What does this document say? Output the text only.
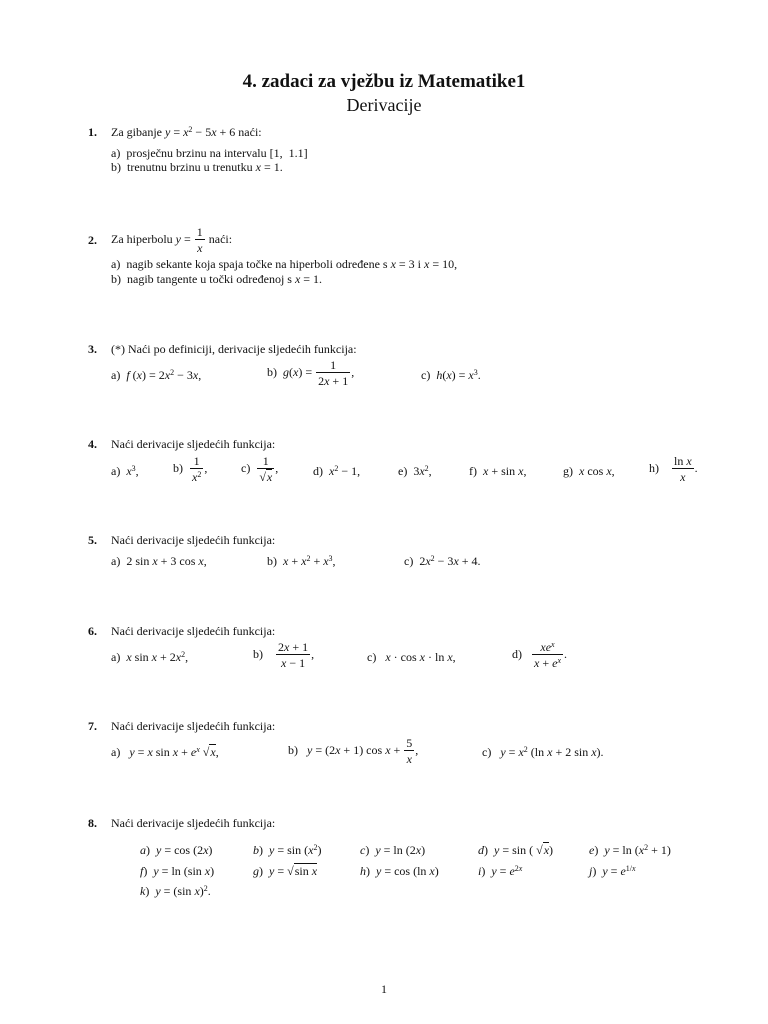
4. zadaci za vježbu iz Matematike1
Derivacije
1. Za gibanje $y = x^2 - 5x + 6$ naći:
a)  prosječnu brzinu na intervalu [1,  1.1]
b)  trenutnu brzinu u trenutku x = 1.
2. Za hiperbolu $y = \frac{1}{x}$ naći:
a)  nagib sekante koja spaja točke na hiperboli određene s x = 3 i x = 10,
b)  nagib tangente u točki određenoj s x = 1.
3. (*) Naći po definiciji, derivacije sljedećih funkcija:
a)  f $(x) = 2x^2 - 3x$,	b)  $g(x) = \frac{1}{2x + 1}$ ,	c)  $h(x) = x^3$.
4. Naći derivacije sljedećih funkcija:
a)  $x^3$,	$b) \frac{1}{x^2}$ ,	$c) \frac{1}{√x}$ ,	d)  $x^2 - 1$,	e)  $3x^2$,	f)  x + sin x,	g)  x cos x,	$h) \frac{\text{ln x}}{x}$ .
5. Naći derivacije sljedećih funkcija:
a)  2 sin x + 3 cos x,	b)  $x + x^2 + x^3$,	c)  $2x^2 - 3x + 4$.
6. Naći derivacije sljedećih funkcija:
a)  x $\sin x + 2x^2$,	$b) \frac{2x + 1}{x - 1}$ ,	c)   x · cos x · ln x,	d) $xe^x$
$x + e^x$ .
7. Naći derivacije sljedećih funkcija:
a)   y = x $\sin x + e^x$ √x,	b)   y = (2x + 1) $\cos x + \frac{5}{x}$ ,	c)   $y = x^2$ (ln x + 2 sin x).
8. Naći derivacije sljedećih funkcija:
a)  y = cos (2x)	b)  $y = \sin (x^2)$	c)  y = ln (2x)	d)  y = sin ( √x)	e)  $y = \ln (x^2 + 1)$
f)  y = ln (sin x)	g)  y = √sin x	h)  y = cos (ln x)	i)  $y = e^{2x}$	j)  $y = e^{1/x}$
k)  y = (sin x)$^2$.
1
